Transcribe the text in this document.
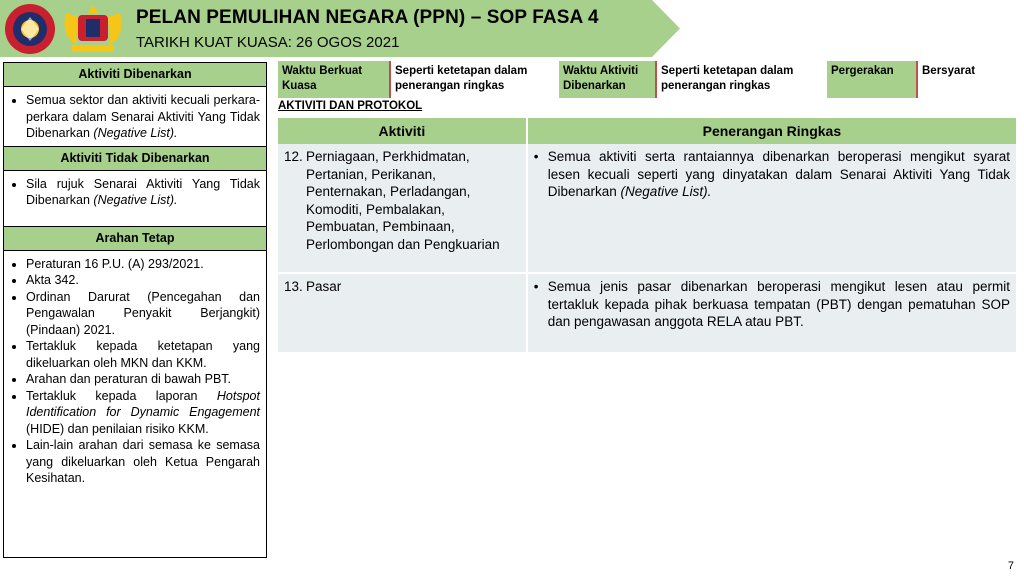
PELAN PEMULIHAN NEGARA (PPN) – SOP FASA 4
TARIKH KUAT KUASA: 26 OGOS 2021
Aktiviti Dibenarkan
• Semua sektor dan aktiviti kecuali perkara-perkara dalam Senarai Aktiviti Yang Tidak Dibenarkan (Negative List).
Aktiviti Tidak Dibenarkan
• Sila rujuk Senarai Aktiviti Yang Tidak Dibenarkan (Negative List).
Arahan Tetap
• Peraturan 16 P.U. (A) 293/2021.
• Akta 342.
• Ordinan Darurat (Pencegahan dan Pengawalan Penyakit Berjangkit) (Pindaan) 2021.
• Tertakluk kepada ketetapan yang dikeluarkan oleh MKN dan KKM.
• Arahan dan peraturan di bawah PBT.
• Tertakluk kepada laporan Hotspot Identification for Dynamic Engagement (HIDE) dan penilaian risiko KKM.
• Lain-lain arahan dari semasa ke semasa yang dikeluarkan oleh Ketua Pengarah Kesihatan.
Waktu Berkuat Kuasa
Seperti ketetapan dalam penerangan ringkas
Waktu Aktiviti Dibenarkan
Seperti ketetapan dalam penerangan ringkas
Pergerakan	Bersyarat
AKTIVITI DAN PROTOKOL
Aktiviti	Penerangan Ringkas

12. Perniagaan, Perkhidmatan, Pertanian, Perikanan, Penternakan, Perladangan, Komoditi, Pembalakan, Pembuatan, Pembinaan, Perlombongan dan Pengkuarian	• Semua aktiviti serta rantaiannya dibenarkan beroperasi mengikut syarat lesen kecuali seperti yang dinyatakan dalam Senarai Aktiviti Yang Tidak Dibenarkan (Negative List).

13. Pasar	• Semua jenis pasar dibenarkan beroperasi mengikut lesen atau permit tertakluk kepada pihak berkuasa tempatan (PBT) dengan pematuhan SOP dan pengawasan anggota RELA atau PBT.
7
